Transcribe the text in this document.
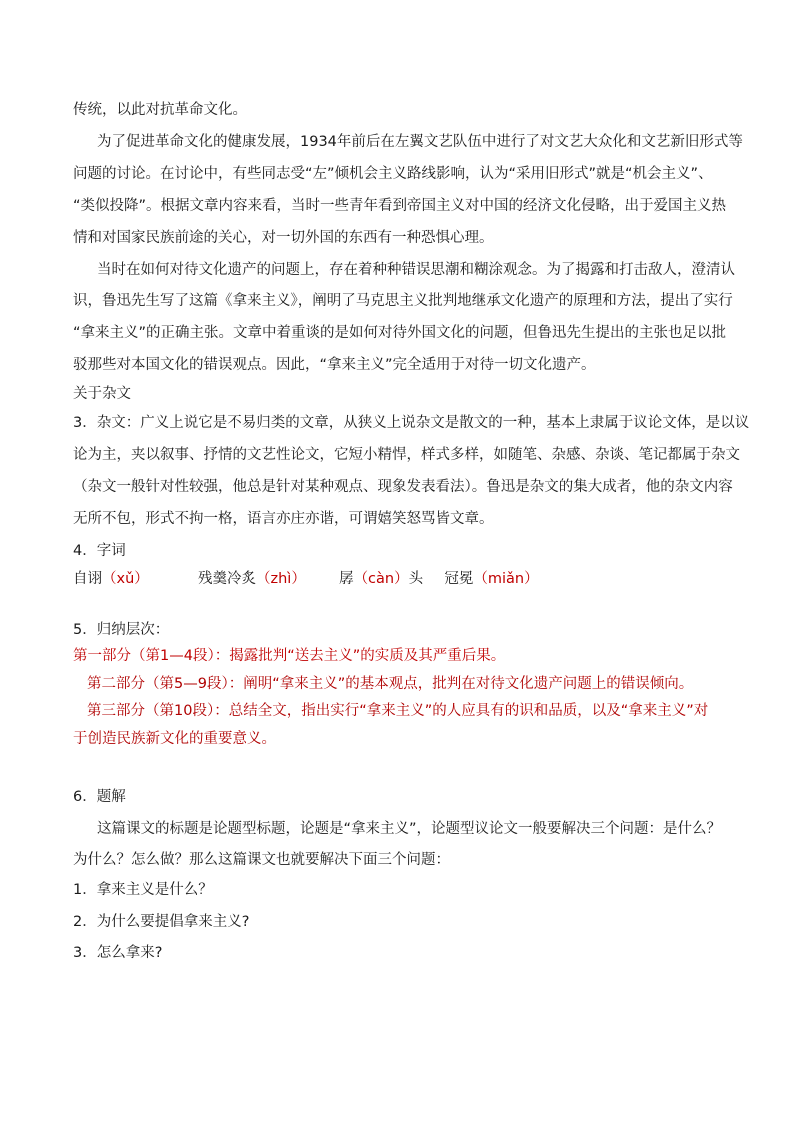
传统，以此对抗革命文化。
为了促进革命文化的健康发展，1934年前后在左翼文艺队伍中进行了对文艺大众化和文艺新旧形式等
问题的讨论。在讨论中，有些同志受“左”倾机会主义路线影响，认为“采用旧形式”就是“机会主义”、
“类似投降”。根据文章内容来看，当时一些青年看到帝国主义对中国的经济文化侵略，出于爱国主义热
情和对国家民族前途的关心，对一切外国的东西有一种恐惧心理。
当时在如何对待文化遗产的问题上，存在着种种错误思潮和糊涂观念。为了揭露和打击敌人，澄清认
识，鲁迅先生写了这篇《拿来主义》，阐明了马克思主义批判地继承文化遗产的原理和方法，提出了实行
“拿来主义”的正确主张。文章中着重谈的是如何对待外国文化的问题，但鲁迅先生提出的主张也足以批
驳那些对本国文化的错误观点。因此，“拿来主义”完全适用于对待一切文化遗产。
关于杂文
3．杂文：广义上说它是不易归类的文章，从狭义上说杂文是散文的一种，基本上隶属于议论文体，是以议
论为主，夹以叙事、抒情的文艺性论文，它短小精悍，样式多样，如随笔、杂感、杂谈、笔记都属于杂文
（杂文一般针对性较强，他总是针对某种观点、现象发表看法）。鲁迅是杂文的集大成者，他的杂文内容
无所不包，形式不拘一格，语言亦庄亦谐，可谓嬉笑怒骂皆文章。
4．字词
自诩（xǔ）	残羹冷炙（zhì） 孱（càn）头 冠冕（miǎn）
5．归纳层次：
第一部分（第1—4段）：揭露批判“送去主义”的实质及其严重后果。
第二部分（第5—9段）：阐明“拿来主义”的基本观点，批判在对待文化遗产问题上的错误倾向。
第三部分（第10段）：总结全文，指出实行“拿来主义”的人应具有的识和品质，以及“拿来主义”对
于创造民族新文化的重要意义。
6．题解
这篇课文的标题是论题型标题，论题是“拿来主义”，论题型议论文一般要解决三个问题：是什么？
为什么？怎么做？那么这篇课文也就要解决下面三个问题：
1．拿来主义是什么？
2．为什么要提倡拿来主义?
3．怎么拿来?
